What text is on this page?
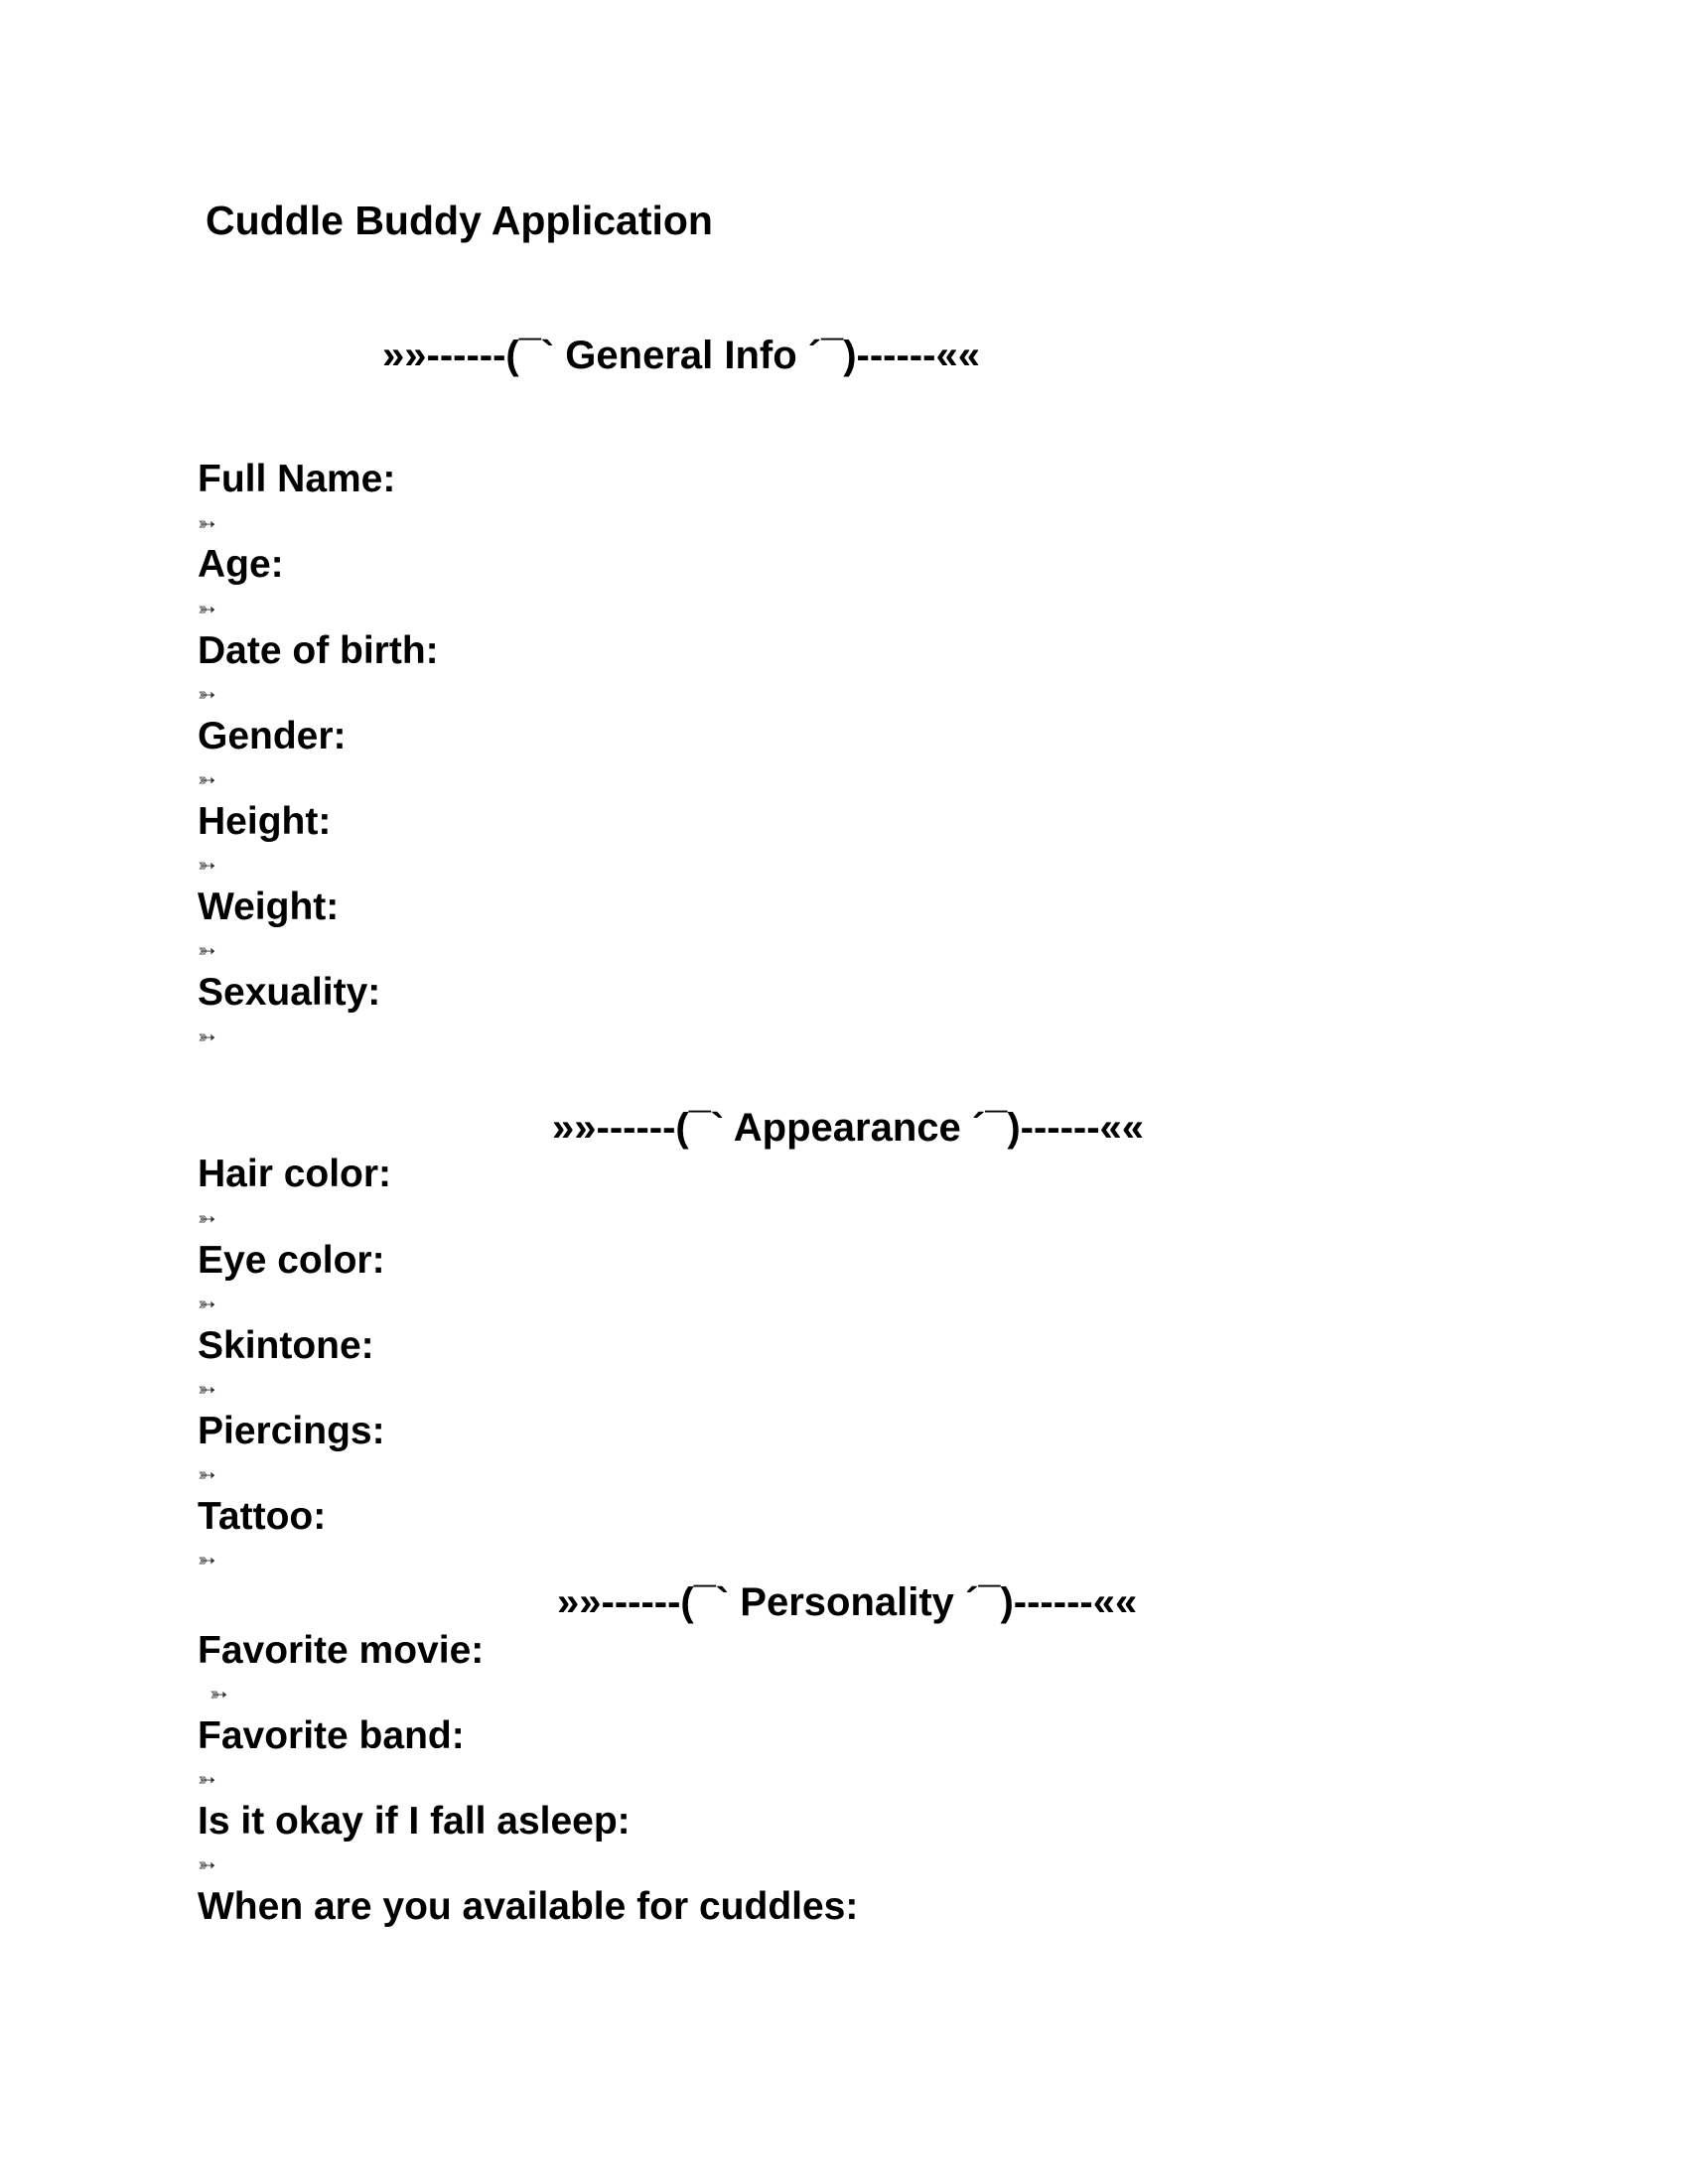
Cuddle Buddy Application
»»------(¯` General Info ´¯)------««
Full Name:
➳
Age:
➳
Date of birth:
➳
Gender:
➳
Height:
➳
Weight:
➳
Sexuality:
➳
»»------(¯` Appearance ´¯)------««
Hair color:
➳
Eye color:
➳
Skintone:
➳
Piercings:
➳
Tattoo:
➳
»»------(¯` Personality ´¯)------««
Favorite movie:
➳
Favorite band:
➳
Is it okay if I fall asleep:
➳
When are you available for cuddles:
